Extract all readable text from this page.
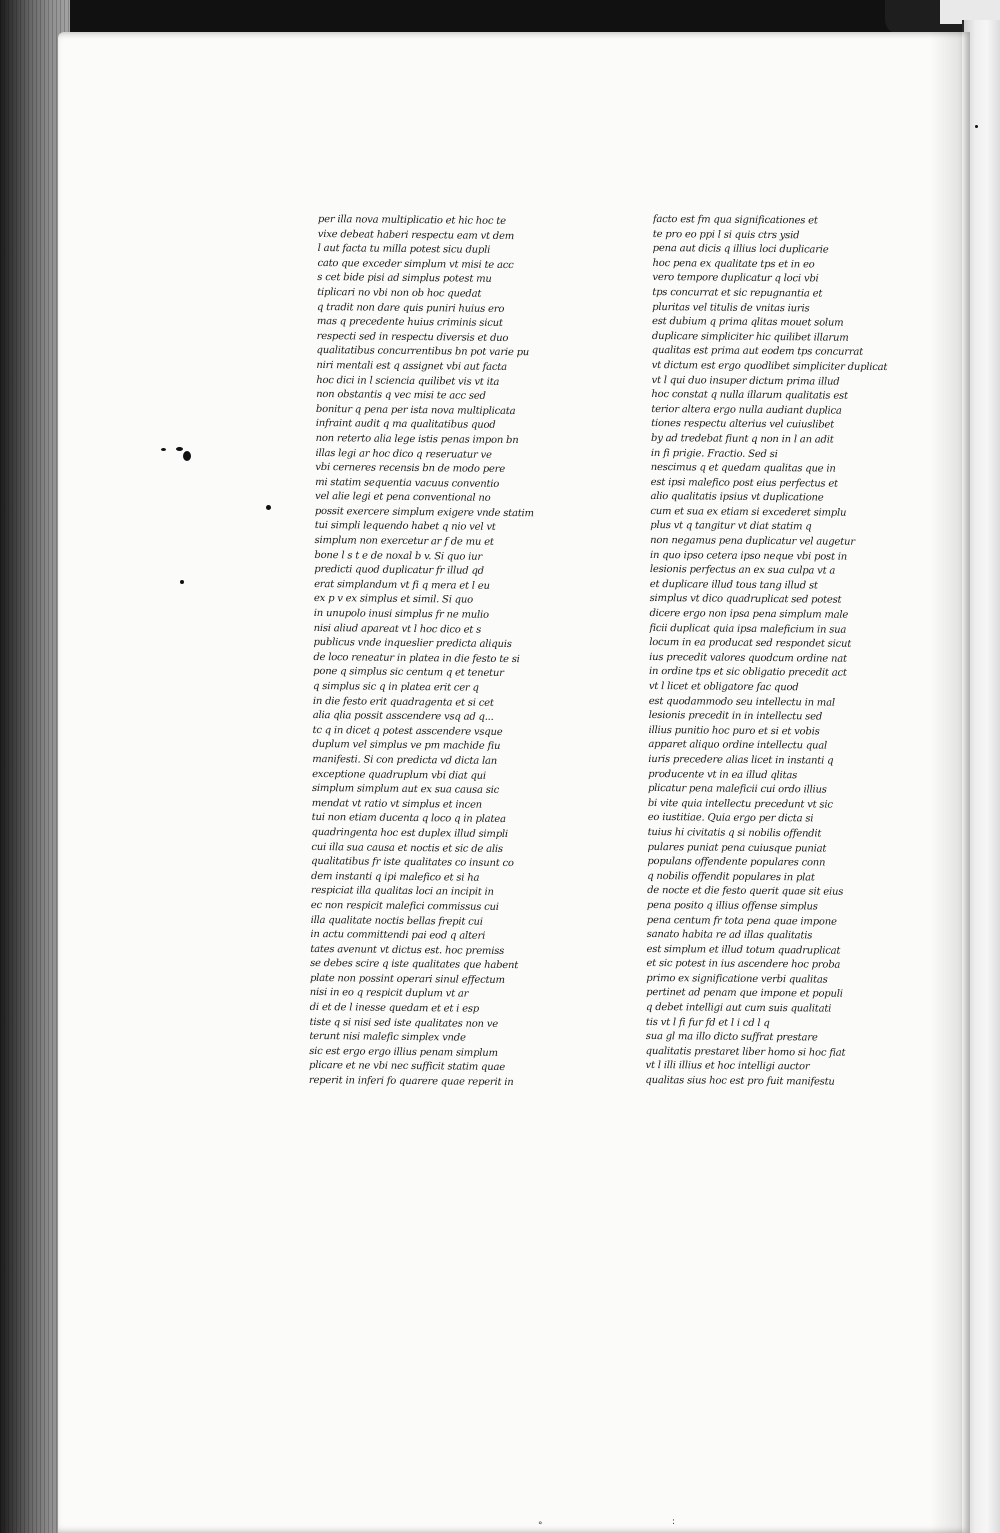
per illa nova multiplicatio et hic hoc te
vixe debeat haberi respectu eam vt dem
l aut facta tu milla potest sicu dupli
cato que exceder simplum vt misi te acc
s cet bide pisi ad simplus potest mu
tiplicari no vbi non ob hoc quedat
q tradit non dare quis puniri huius ero
mas q precedente huius criminis sicut
respecti sed in respectu diversis et duo
qualitatibus concurrentibus bn pot varie pu
niri mentali est q assignet vbi aut facta
hoc dici in l sciencia quilibet vis vt ita
non obstantis q vec misi te acc sed
bonitur q pena per ista nova multiplicata
infraint audit q ma qualitatibus quod
non reterto alia lege istis penas impon bn
illas legi ar hoc dico q reseruatur ve
vbi cerneres recensis bn de modo pere
mi statim sequentia vacuus conventio
vel alie legi et pena conventional no
possit exercere simplum exigere vnde statim
tui simpli lequendo habet q nio vel vt
simplum non exercetur ar f de mu et
bone l s t e de noxal b v. Si quo iur
predicti quod duplicatur fr illud qd
erat simplandum vt fi q mera et l eu
ex p v ex simplus et simil. Si quo
in unupolo inusi simplus fr ne mulio
nisi aliud apareat vt l hoc dico et s
publicus vnde inqueslier predicta aliquis
de loco reneatur in platea in die festo te si
pone q simplus sic centum q et tenetur
q simplus sic q in platea erit cer q
in die festo erit quadragenta et si cet
alia qlia possit asscendere vsq ad q...
tc q in dicet q potest asscendere vsque
duplum vel simplus ve pm machide fiu
manifesti. Si con predicta vd dicta lan
exceptione quadruplum vbi diat qui
simplum simplum aut ex sua causa sic
mendat vt ratio vt simplus et incen
tui non etiam ducenta q loco q in platea
quadringenta hoc est duplex illud simpli
cui illa sua causa et noctis et sic de alis
qualitatibus fr iste qualitates co insunt co
dem instanti q ipi malefico et si ha
respiciat illa qualitas loci an incipit in
ec non respicit malefici commissus cui
illa qualitate noctis bellas frepit cui
in actu committendi pai eod q alteri
tates avenunt vt dictus est. hoc premiss
se debes scire q iste qualitates que habent
plate non possint operari sinul effectum
nisi in eo q respicit duplum vt ar
di et de l inesse quedam et et i esp
tiste q si nisi sed iste qualitates non ve
terunt nisi malefic simplex vnde
sic est ergo ergo illius penam simplum
plicare et ne vbi nec sufficit statim quae
reperit in inferi fo quarere quae reperit in
facto est fm qua significationes et
te pro eo ppi l si quis ctrs ysid
pena aut dicis q illius loci duplicarie
hoc pena ex qualitate tps et in eo
vero tempore duplicatur q loci vbi
tps concurrat et sic repugnantia et
pluritas vel titulis de vnitas iuris
est dubium q prima qlitas mouet solum
duplicare simpliciter hic quilibet illarum
qualitas est prima aut eodem tps concurrat
vt dictum est ergo quodlibet simpliciter duplicat
vt l qui duo insuper dictum prima illud
hoc constat q nulla illarum qualitatis est
terior altera ergo nulla audiant duplica
tiones respectu alterius vel cuiuslibet
by ad tredebat fiunt q non in l an adit
in fi prigie. Fractio. Sed si
nescimus q et quedam qualitas que in
est ipsi malefico post eius perfectus et
alio qualitatis ipsius vt duplicatione
cum et sua ex etiam si excederet simplu
plus vt q tangitur vt diat statim q
non negamus pena duplicatur vel augetur
in quo ipso cetera ipso neque vbi post in
lesionis perfectus an ex sua culpa vt a
et duplicare illud tous tang illud st
simplus vt dico quadruplicat sed potest
dicere ergo non ipsa pena simplum male
ficii duplicat quia ipsa maleficium in sua
locum in ea producat sed respondet sicut
ius precedit valores quodcum ordine nat
in ordine tps et sic obligatio precedit act
vt l licet et obligatore fac quod
est quodammodo seu intellectu in mal
lesionis precedit in in intellectu sed
illius punitio hoc puro et si et vobis
apparet aliquo ordine intellectu qual
iuris precedere alias licet in instanti q
producente vt in ea illud qlitas
plicatur pena maleficii cui ordo illius
bi vite quia intellectu precedunt vt sic
eo iustitiae. Quia ergo per dicta si
tuius hi civitatis q si nobilis offendit
pulares puniat pena cuiusque puniat
populans offendente populares conn
q nobilis offendit populares in plat
de nocte et die festo querit quae sit eius
pena posito q illius offense simplus
pena centum fr tota pena quae impone
sanato habita re ad illas qualitatis
est simplum et illud totum quadruplicat
et sic potest in ius ascendere hoc proba
primo ex significatione verbi qualitas
pertinet ad penam que impone et populi
q debet intelligi aut cum suis qualitati
tis vt l fi fur fd et l i cd l q
sua gl ma illo dicto suffrat prestare
qualitatis prestaret liber homo si hoc fiat
vt l illi illius et hoc intelligi auctor
qualitas sius hoc est pro fuit manifestu
°	:
